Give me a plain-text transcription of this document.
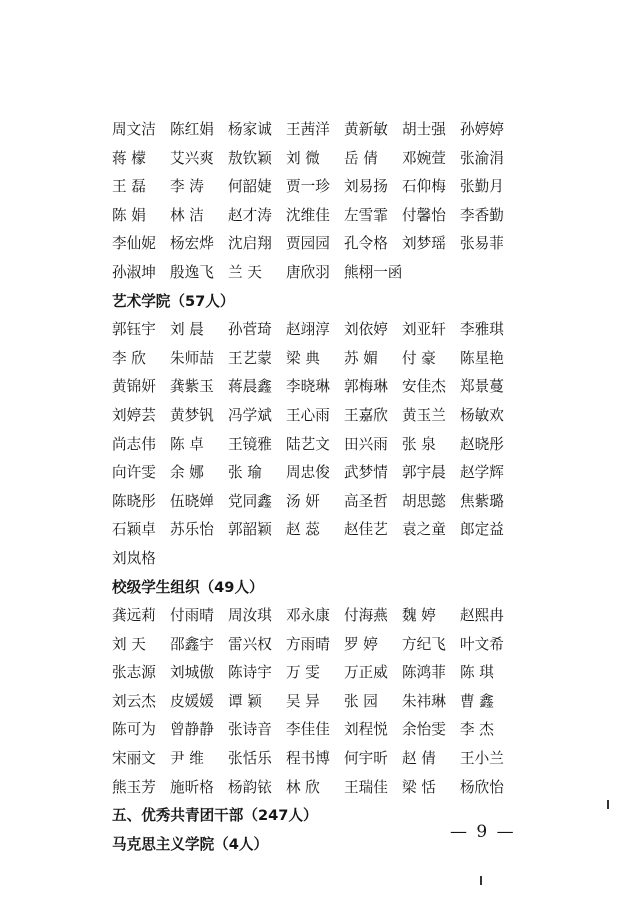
周文洁 陈红娟 杨家诚 王茜洋 黄新敏 胡士强 孙婷婷
蒋 檬	艾兴爽 敖钦颖 刘 微	岳 倩	邓婉萱 张渝涓
王 磊	李 涛	何韶婕 贾一珍 刘易扬 石仰梅 张勤月
陈 娟	林 洁	赵才涛 沈维佳 左雪霏 付馨怡 李香勤
李仙妮 杨宏烨 沈启翔 贾园园 孔令格 刘梦瑶 张易菲
孙淑坤 殷逸飞 兰 天	唐欣羽 熊栩一函
艺术学院（57人）
郭钰宇 刘 晨	孙菅琦 赵翊淳 刘依婷 刘亚轩 李雅琪
李 欣	朱师喆 王艺蒙 梁 典	苏 媚	付 豪	陈星艳
黄锦妍 龚紫玉 蒋晨鑫 李晓琳 郭梅琳 安佳杰 郑景蔓
刘婷芸 黄梦钒 冯学斌 王心雨 王嘉欣 黄玉兰 杨敏欢
尚志伟 陈 卓	王镜雅 陆艺文 田兴雨 张 泉	赵晓彤
向许雯 余 娜	张 瑜	周忠俊 武梦情 郭宇晨 赵学辉
陈晓彤 伍晓婵 党同鑫 汤 妍	高圣哲 胡思懿 焦紫璐
石颖卓 苏乐怡 郭韶颖 赵 蕊	赵佳艺 袁之童 郎定益
刘岚格
校级学生组织（49人）
龚远莉 付雨晴 周汝琪 邓永康 付海燕 魏 婷	赵熙冉
刘 天	邵鑫宇 雷兴权 方雨晴 罗 婷	方纪飞 叶文希
张志源 刘城傲 陈诗宇 万 雯	万正威 陈鸿菲 陈 琪
刘云杰 皮媛媛 谭 颖	吴 异	张 园	朱祎琳 曹 鑫
陈可为 曾静静 张诗音 李佳佳 刘程悦 余怡雯 李 杰
宋丽文 尹 维	张恬乐 程书博 何宇昕 赵 倩	王小兰
熊玉芳 施昕格 杨韵铱 林 欣	王瑞佳 梁 恬	杨欣怡
五、优秀共青团干部（247人）
马克思主义学院（4人）
— 9 —
